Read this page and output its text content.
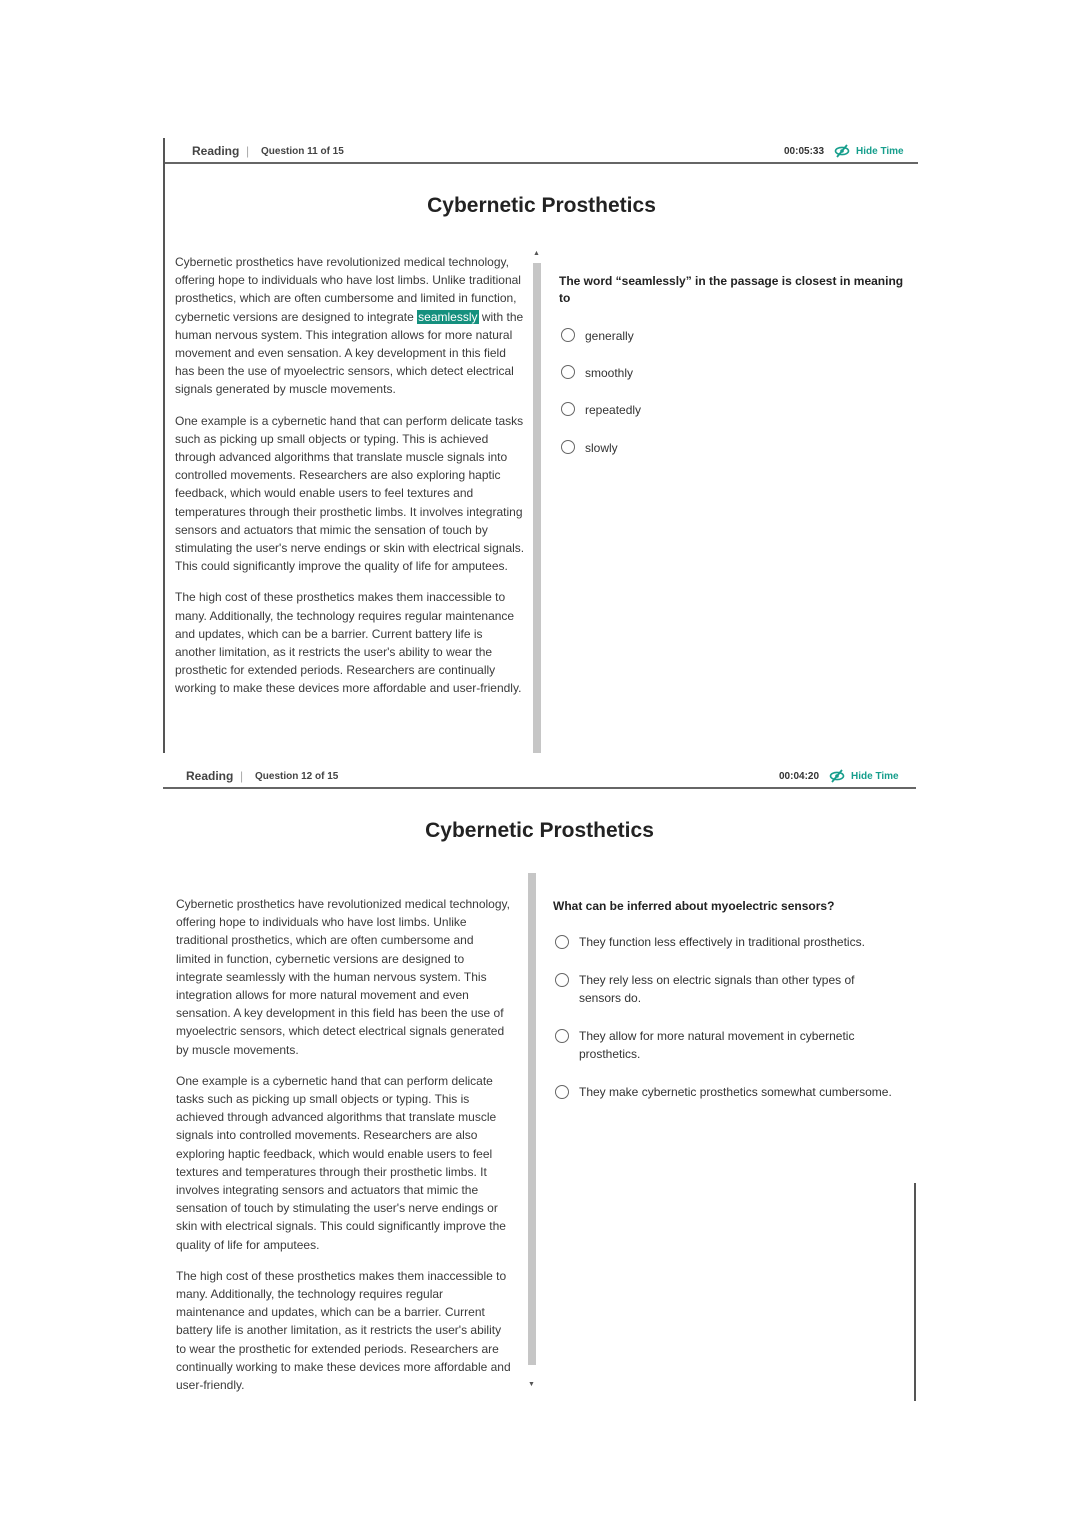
Reading | Question 11 of 15	00:05:33	Hide Time
Cybernetic Prosthetics

Cybernetic prosthetics have revolutionized medical technology, offering hope to individuals who have lost limbs. Unlike traditional prosthetics, which are often cumbersome and limited in function, cybernetic versions are designed to integrate seamlessly with the human nervous system. This integration allows for more natural movement and even sensation. A key development in this field has been the use of myoelectric sensors, which detect electrical signals generated by muscle movements.

One example is a cybernetic hand that can perform delicate tasks such as picking up small objects or typing. This is achieved through advanced algorithms that translate muscle signals into controlled movements. Researchers are also exploring haptic feedback, which would enable users to feel textures and temperatures through their prosthetic limbs. It involves integrating sensors and actuators that mimic the sensation of touch by stimulating the user's nerve endings or skin with electrical signals. This could significantly improve the quality of life for amputees.

The high cost of these prosthetics makes them inaccessible to many. Additionally, the technology requires regular maintenance and updates, which can be a barrier. Current battery life is another limitation, as it restricts the user's ability to wear the prosthetic for extended periods. Researchers are continually working to make these devices more affordable and user-friendly.

▲
The word “seamlessly” in the passage is closest in meaning to
generally
smoothly
repeatedly
slowly
Reading | Question 12 of 15	00:04:20	Hide Time
Cybernetic Prosthetics

Cybernetic prosthetics have revolutionized medical technology, offering hope to individuals who have lost limbs. Unlike traditional prosthetics, which are often cumbersome and limited in function, cybernetic versions are designed to integrate seamlessly with the human nervous system. This integration allows for more natural movement and even sensation. A key development in this field has been the use of myoelectric sensors, which detect electrical signals generated by muscle movements.

One example is a cybernetic hand that can perform delicate tasks such as picking up small objects or typing. This is achieved through advanced algorithms that translate muscle signals into controlled movements. Researchers are also exploring haptic feedback, which would enable users to feel textures and temperatures through their prosthetic limbs. It involves integrating sensors and actuators that mimic the sensation of touch by stimulating the user's nerve endings or skin with electrical signals. This could significantly improve the quality of life for amputees.

The high cost of these prosthetics makes them inaccessible to many. Additionally, the technology requires regular maintenance and updates, which can be a barrier. Current battery life is another limitation, as it restricts the user's ability to wear the prosthetic for extended periods. Researchers are continually working to make these devices more affordable and user-friendly.	▼
What can be inferred about myoelectric sensors?
They function less effectively in traditional prosthetics.
They rely less on electric signals than other types of sensors do.
They allow for more natural movement in cybernetic prosthetics.
They make cybernetic prosthetics somewhat cumbersome.
